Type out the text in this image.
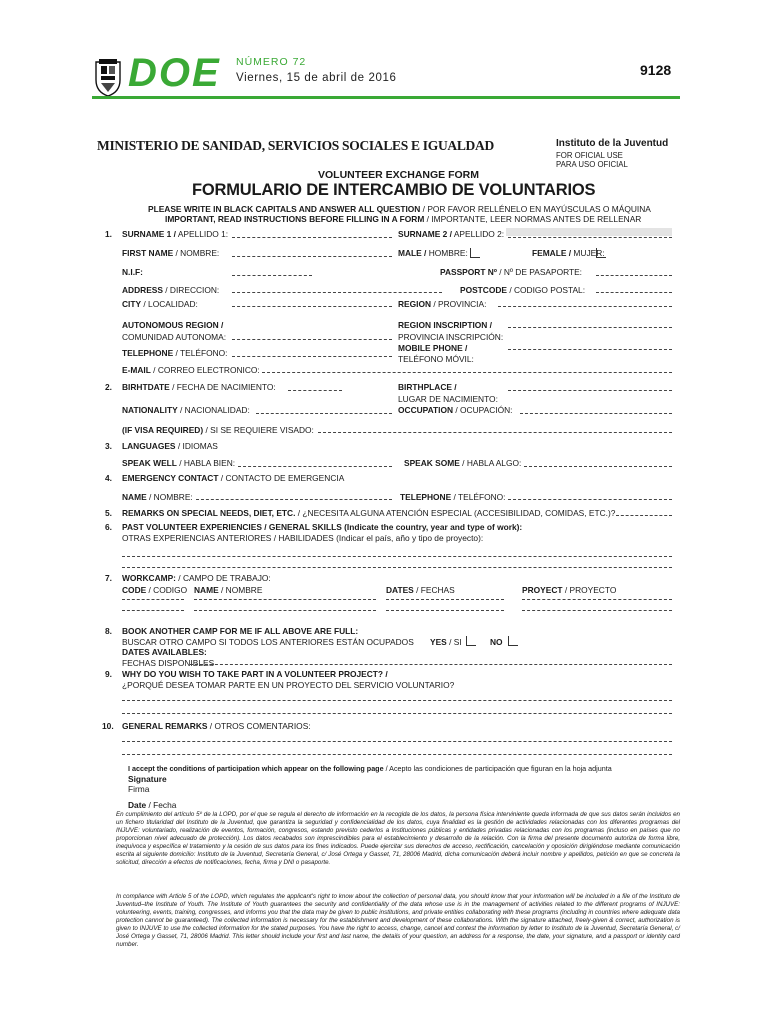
DOE NÚMERO 72
Viernes, 15 de abril de 2016	9128
MINISTERIO DE SANIDAD, SERVICIOS SOCIALES E IGUALDAD	Instituto de la Juventud
FOR OFICIAL USE
PARA USO OFICIAL
VOLUNTEER EXCHANGE FORM
FORMULARIO DE INTERCAMBIO DE VOLUNTARIOS
PLEASE WRITE IN BLACK CAPITALS AND ANSWER ALL QUESTION / POR FAVOR RELLÉNELO EN MAYÚSCULAS O MÁQUINA
IMPORTANT, READ INSTRUCTIONS BEFORE FILLING IN A FORM / IMPORTANTE, LEER NORMAS ANTES DE RELLENAR
1. SURNAME 1 / APELLIDO 1:	SURNAME 2 / APELLIDO 2:
FIRST NAME / NOMBRE:	MALE / HOMBRE:	FEMALE / MUJER:
N.I.F:	PASSPORT Nº / Nº DE PASAPORTE:
ADDRESS / DIRECCION:	POSTCODE / CODIGO POSTAL:
CITY / LOCALIDAD:	REGION / PROVINCIA:
AUTONOMOUS REGION /
COMUNIDAD AUTONOMA:
REGION INSCRIPTION /
PROVINCIA INSCRIPCIÓN:
TELEPHONE / TELÉFONO:	MOBILE PHONE /
TELÉFONO MÓVIL:
E-MAIL / CORREO ELECTRONICO:
2. BIRHTDATE / FECHA DE NACIMIENTO:	BIRTHPLACE /
LUGAR DE NACIMIENTO:
NATIONALITY / NACIONALIDAD:	OCCUPATION / OCUPACIÓN:
(IF VISA REQUIRED) / SI SE REQUIERE VISADO:
3. LANGUAGES / IDIOMAS
SPEAK WELL / HABLA BIEN:	SPEAK SOME / HABLA ALGO:
4. EMERGENCY CONTACT / CONTACTO DE EMERGENCIA
NAME / NOMBRE:	TELEPHONE / TELÉFONO:
5. REMARKS ON SPECIAL NEEDS, DIET, ETC. / ¿NECESITA ALGUNA ATENCIÓN ESPECIAL (ACCESIBILIDAD, COMIDAS, ETC.)?
6. PAST VOLUNTEER EXPERIENCIES / GENERAL SKILLS (Indicate the country, year and type of work):
OTRAS EXPERIENCIAS ANTERIORES / HABILIDADES (Indicar el país, año y tipo de proyecto):
7. WORKCAMP: / CAMPO DE TRABAJO:
CODE / CODIGO NAME / NOMBRE	DATES / FECHAS	PROYECT / PROYECTO
8. BOOK ANOTHER CAMP FOR ME IF ALL ABOVE ARE FULL:
BUSCAR OTRO CAMPO SI TODOS LOS ANTERIORES ESTÁN OCUPADOS YES / SI	NO
DATES AVAILABLES:
FECHAS DISPONIBLES
9. WHY DO YOU WISH TO TAKE PART IN A VOLUNTEER PROJECT? /
¿PORQUÉ DESEA TOMAR PARTE EN UN PROYECTO DEL SERVICIO VOLUNTARIO?
10. GENERAL REMARKS / OTROS COMENTARIOS:
I accept the conditions of participation which appear on the following page / Acepto las condiciones de participación que figuran en la hoja adjunta
Signature
Firma
Date / Fecha
En cumplimiento del artículo 5º de la LOPD, por el que se regula el derecho de información en la recogida de los datos, la persona física interviniente queda informada de que sus datos serán incluidos en un fichero titularidad del Instituto de la Juventud, que garantiza la seguridad y confidencialidad de los datos, cuya finalidad es la gestión de actividades relacionadas con los diferentes programas del INJUVE: voluntariado, realización de eventos, formación, congresos, estando previsto cederlos a Instituciones públicas y entidades privadas relacionadas con los programas (incluso en países que no proporcionan nivel adecuado de protección). Los datos recabados son imprescindibles para el establecimiento y desarrollo de la relación. Con la firma del presente documento autoriza de forma libre, inequívoca y específica el tratamiento y la cesión de sus datos para los fines indicados. Puede ejercitar sus derechos de acceso, rectificación, cancelación y oposición dirigiéndose mediante comunicación escrita al siguiente domicilio: Instituto de la Juventud, Secretaría General, c/ José Ortega y Gasset, 71, 28006 Madrid, dicha comunicación deberá incluir nombre y apellidos, petición en que se concreta la solicitud, dirección a efectos de notificaciones, fecha, firma y DNI o pasaporte.
In compliance with Article 5 of the LOPD, which regulates the applicant's right to know about the collection of personal data, you should know that your information will be included in a file of the Instituto de Juventud–the Institute of Youth. The Institute of Youth guarantees the security and confidentiality of the data whose use is in the management of activities related to the different programs of INJUVE: volunteering, events, training, congresses, and informs you that the data may be given to public institutions, and private entities collaborating with these programs (including in countries where adequate data protection cannot be guaranteed). The collected information is necessary for the establishment and development of these collaborations. With the signature attached, freely-given & correct, authorization is given to INJUVE to use the collected information for the stated purposes. You have the right to access, change, cancel and contest the information by letter to Instituto de la Juventud, Secretaría General, c/ José Ortega y Gasset, 71, 28006 Madrid. This letter should include your first and last name, the details of your question, an address for a response, the date, your signature, and a passport or identity card number.
